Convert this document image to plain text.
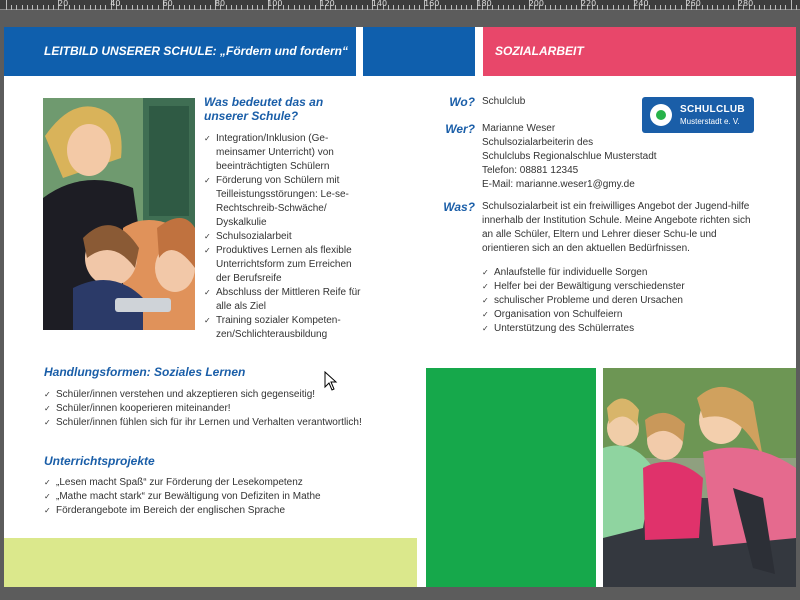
20	40	60	80	100	120	140	160	180	200	220	240	260	280
LEITBILD UNSERER SCHULE: „Fördern und fordern“	SOZIALARBEIT
Was bedeutet das an unserer Schule?
✓ Integration/Inklusion (Ge-meinsamer Unterricht) von beeinträchtigten Schülern
✓ Förderung von Schülern mit Teilleistungsstörungen: Le-se-Rechtschreib-Schwäche/ Dyskalkulie
✓ Schulsozialarbeit
✓ Produktives Lernen als flexible Unterrichtsform zum Erreichen der Berufsreife
✓ Abschluss der Mittleren Reife für alle als Ziel
✓ Training sozialer Kompeten-zen/Schlichterausbildung
Handlungsformen: Soziales Lernen
✓ Schüler/innen verstehen und akzeptieren sich gegenseitig!
✓ Schüler/innen kooperieren miteinander!
✓ Schüler/innen fühlen sich für ihr Lernen und Verhalten verantwortlich!
Unterrichtsprojekte
✓ „Lesen macht Spaß“ zur Förderung der Lesekompetenz
✓ „Mathe macht stark“ zur Bewältigung von Defiziten in Mathe
✓ Förderangebote im Bereich der englischen Sprache
Wo? Schulclub
Wer? Marianne Weser
Schulsozialarbeiterin des
Schulclubs Regionalschlue Musterstadt
Telefon: 08881 12345
E-Mail: marianne.weser1@gmy.de
SCHULCLUB
Musterstadt e. V.
Was? Schulsozialarbeit ist ein freiwilliges Angebot der Jugend-hilfe innerhalb der Institution Schule. Meine Angebote richten sich an alle Schüler, Eltern und Lehrer dieser Schu-le und orientieren sich an den aktuellen Bedürfnissen.
✓ Anlaufstelle für individuelle Sorgen
✓ Helfer bei der Bewältigung verschiedenster
✓ schulischer Probleme und deren Ursachen
✓ Organisation von Schulfeiern
✓ Unterstützung des Schülerrates
